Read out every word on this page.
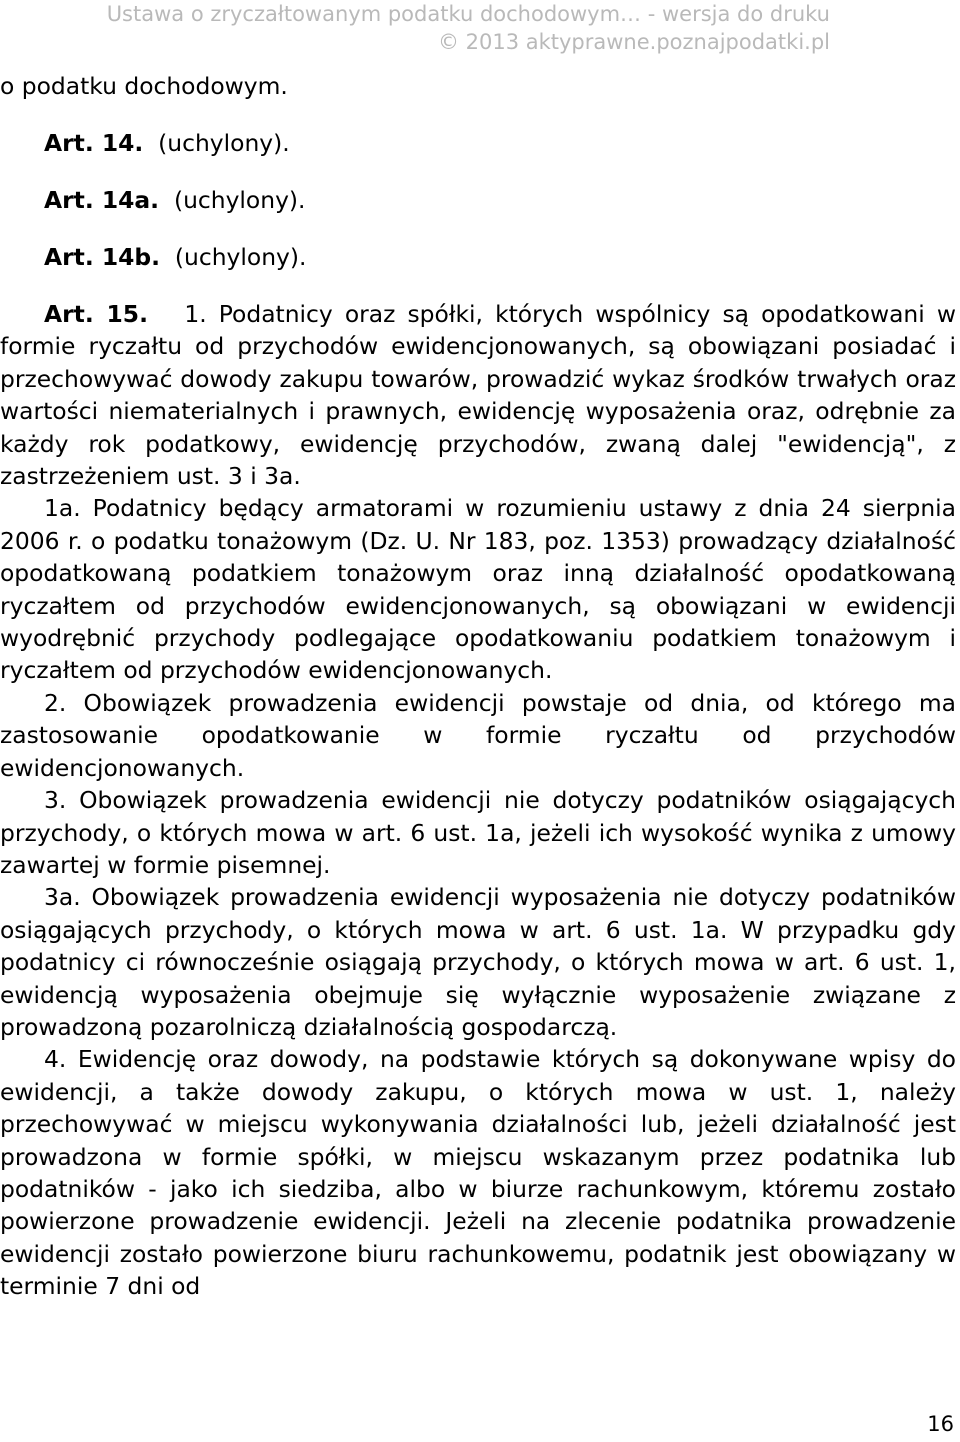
Ustawa o zryczałtowanym podatku dochodowym… - wersja do druku
© 2013 aktyprawne.poznajpodatki.pl

o podatku dochodowym.

Art. 14. (uchylony).

Art. 14a. (uchylony).

Art. 14b. (uchylony).

Art. 15. 1. Podatnicy oraz spółki, których wspólnicy są opodatkowani w formie ryczałtu od przychodów ewidencjonowanych, są obowiązani posiadać i przechowywać dowody zakupu towarów, prowadzić wykaz środków trwałych oraz wartości niematerialnych i prawnych, ewidencję wyposażenia oraz, odrębnie za każdy rok podatkowy, ewidencję przychodów, zwaną dalej "ewidencją", z zastrzeżeniem ust. 3 i 3a.

1a. Podatnicy będący armatorami w rozumieniu ustawy z dnia 24 sierpnia 2006 r. o podatku tonażowym (Dz. U. Nr 183, poz. 1353) prowadzący działalność opodatkowaną podatkiem tonażowym oraz inną działalność opodatkowaną ryczałtem od przychodów ewidencjonowanych, są obowiązani w ewidencji wyodrębnić przychody podlegające opodatkowaniu podatkiem tonażowym i ryczałtem od przychodów ewidencjonowanych.

2. Obowiązek prowadzenia ewidencji powstaje od dnia, od którego ma zastosowanie opodatkowanie w formie ryczałtu od przychodów ewidencjonowanych.

3. Obowiązek prowadzenia ewidencji nie dotyczy podatników osiągających przychody, o których mowa w art. 6 ust. 1a, jeżeli ich wysokość wynika z umowy zawartej w formie pisemnej.

3a. Obowiązek prowadzenia ewidencji wyposażenia nie dotyczy podatników osiągających przychody, o których mowa w art. 6 ust. 1a. W przypadku gdy podatnicy ci równocześnie osiągają przychody, o których mowa w art. 6 ust. 1, ewidencją wyposażenia obejmuje się wyłącznie wyposażenie związane z prowadzoną pozarolniczą działalnością gospodarczą.

4. Ewidencję oraz dowody, na podstawie których są dokonywane wpisy do ewidencji, a także dowody zakupu, o których mowa w ust. 1, należy przechowywać w miejscu wykonywania działalności lub, jeżeli działalność jest prowadzona w formie spółki, w miejscu wskazanym przez podatnika lub podatników - jako ich siedziba, albo w biurze rachunkowym, któremu zostało powierzone prowadzenie ewidencji. Jeżeli na zlecenie podatnika prowadzenie ewidencji zostało powierzone biuru rachunkowemu, podatnik jest obowiązany w terminie 7 dni od

16
